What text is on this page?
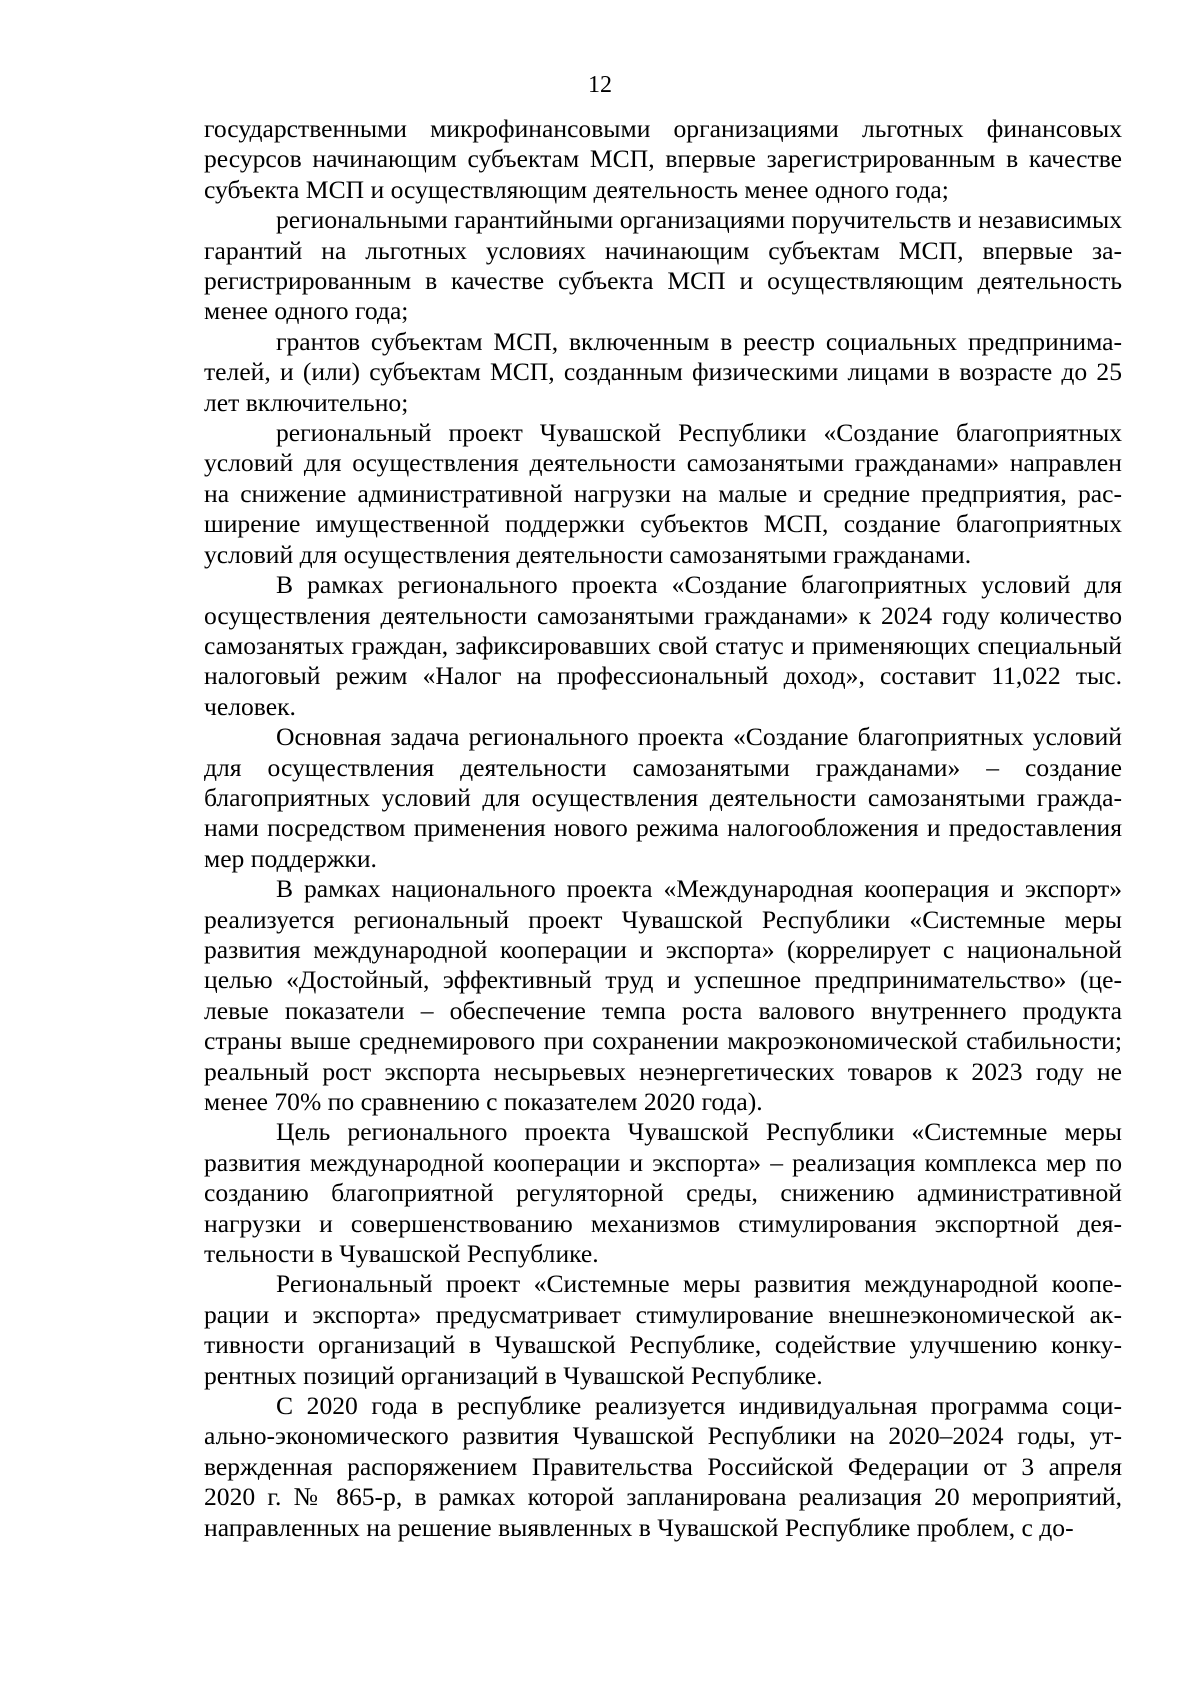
12

государственными микрофинансовыми организациями льготных финансовых ресурсов начинающим субъектам МСП, впервые зарегистрированным в качестве субъекта МСП и осуществляющим деятельность менее одного года;

региональными гарантийными организациями поручительств и независимых гарантий на льготных условиях начинающим субъектам МСП, впервые зарегистрированным в качестве субъекта МСП и осуществляющим деятельность менее одного года;

грантов субъектам МСП, включенным в реестр социальных предпринимателей, и (или) субъектам МСП, созданным физическими лицами в возрасте до 25 лет включительно;

региональный проект Чувашской Республики «Создание благоприятных условий для осуществления деятельности самозанятыми гражданами» направлен на снижение административной нагрузки на малые и средние предприятия, расширение имущественной поддержки субъектов МСП, создание благоприятных условий для осуществления деятельности самозанятыми гражданами.

В рамках регионального проекта «Создание благоприятных условий для осуществления деятельности самозанятыми гражданами» к 2024 году количество самозанятых граждан, зафиксировавших свой статус и применяющих специальный налоговый режим «Налог на профессиональный доход», составит 11,022 тыс. человек.

Основная задача регионального проекта «Создание благоприятных условий для осуществления деятельности самозанятыми гражданами» – создание благоприятных условий для осуществления деятельности самозанятыми гражданами посредством применения нового режима налогообложения и предоставления мер поддержки.

В рамках национального проекта «Международная кооперация и экспорт» реализуется региональный проект Чувашской Республики «Системные меры развития международной кооперации и экспорта» (коррелирует с национальной целью «Достойный, эффективный труд и успешное предпринимательство» (целевые показатели – обеспечение темпа роста валового внутреннего продукта страны выше среднемирового при сохранении макроэкономической стабильности; реальный рост экспорта несырьевых неэнергетических товаров к 2023 году не менее 70% по сравнению с показателем 2020 года).

Цель регионального проекта Чувашской Республики «Системные меры развития международной кооперации и экспорта» – реализация комплекса мер по созданию благоприятной регуляторной среды, снижению административной нагрузки и совершенствованию механизмов стимулирования экспортной деятельности в Чувашской Республике.

Региональный проект «Системные меры развития международной кооперации и экспорта» предусматривает стимулирование внешнеэкономической активности организаций в Чувашской Республике, содействие улучшению конкурентных позиций организаций в Чувашской Республике.

С 2020 года в республике реализуется индивидуальная программа социально-экономического развития Чувашской Республики на 2020–2024 годы, утвержденная распоряжением Правительства Российской Федерации от 3 апреля 2020 г. № 865-р, в рамках которой запланирована реализация 20 мероприятий, направленных на решение выявленных в Чувашской Республике проблем, с до-
